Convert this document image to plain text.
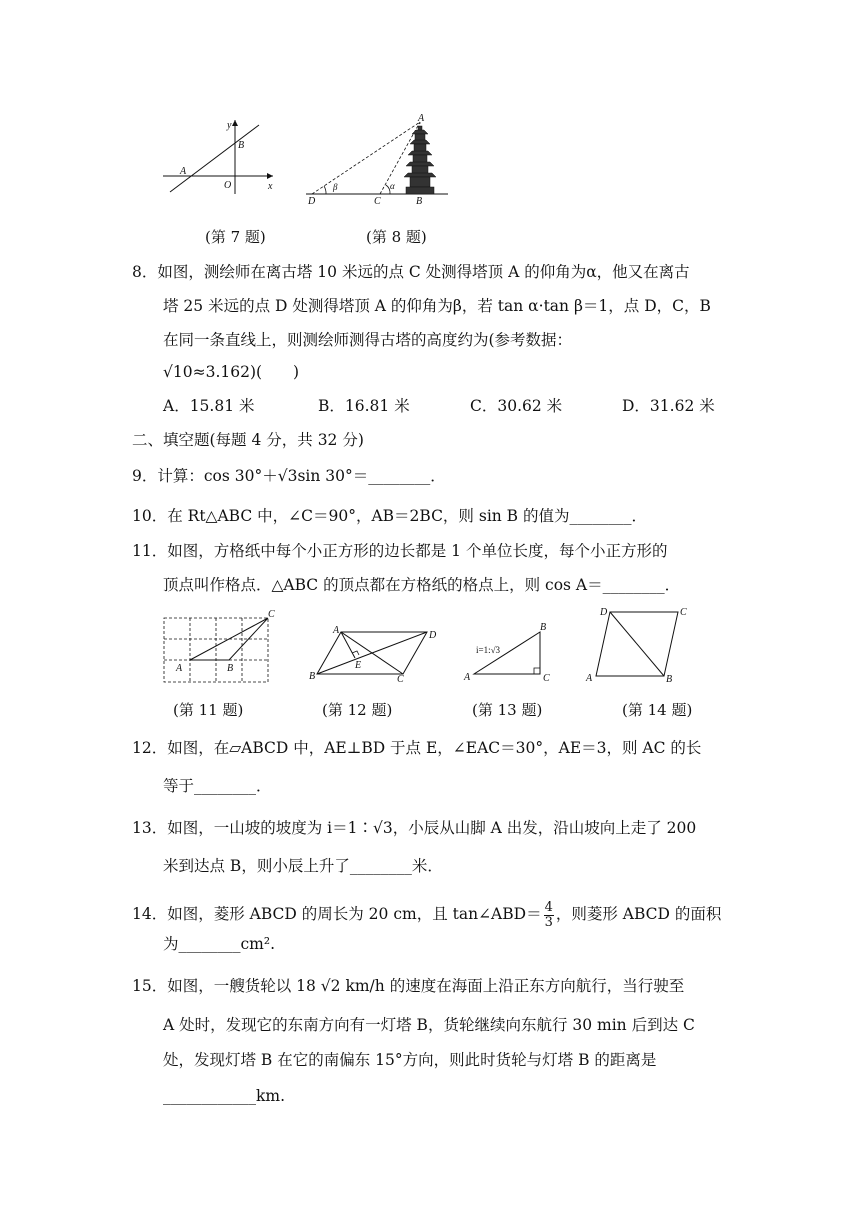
y
x
A
B
O
A
B
C
D
α
β
(第 7 题)	(第 8 题)
8．如图，测绘师在离古塔 10 米远的点 C 处测得塔顶 A 的仰角为α，他又在离古
塔 25 米远的点 D 处测得塔顶 A 的仰角为β，若 tan α·tan β＝1，点 D，C，B
在同一条直线上，则测绘师测得古塔的高度约为(参考数据：
√10≈3.162)(　　)
A．15.81 米	B．16.81 米	C．30.62 米	D．31.62 米
二、填空题(每题 4 分，共 32 分)
9．计算：cos 30°＋√3sin 30°＝________．
10．在 Rt△ABC 中，∠C＝90°，AB＝2BC，则 sin B 的值为________．
11．如图，方格纸中每个小正方形的边长都是 1 个单位长度，每个小正方形的
顶点叫作格点．△ABC 的顶点都在方格纸的格点上，则 cos A＝________．
A	B
C
A
B	C
D
E
i=1:√3
A
B
C	A	B
C
D
(第 11 题)	(第 12 题)	(第 13 题)	(第 14 题)
12．如图，在▱ABCD 中，AE⊥BD 于点 E，∠EAC＝30°，AE＝3，则 AC 的长
等于________．
13．如图，一山坡的坡度为 i＝1∶√3，小辰从山脚 A 出发，沿山坡向上走了 200
米到达点 B，则小辰上升了________米．
14．如图，菱形 ABCD 的周长为 20 cm，且 tan∠ABD＝ $\frac{4}{3}$ ，则菱形 ABCD 的面积
为________cm².
15．如图，一艘货轮以 18 √2 km/h 的速度在海面上沿正东方向航行，当行驶至
A 处时，发现它的东南方向有一灯塔 B，货轮继续向东航行 30 min 后到达 C
处，发现灯塔 B 在它的南偏东 15°方向，则此时货轮与灯塔 B 的距离是
____________km.
